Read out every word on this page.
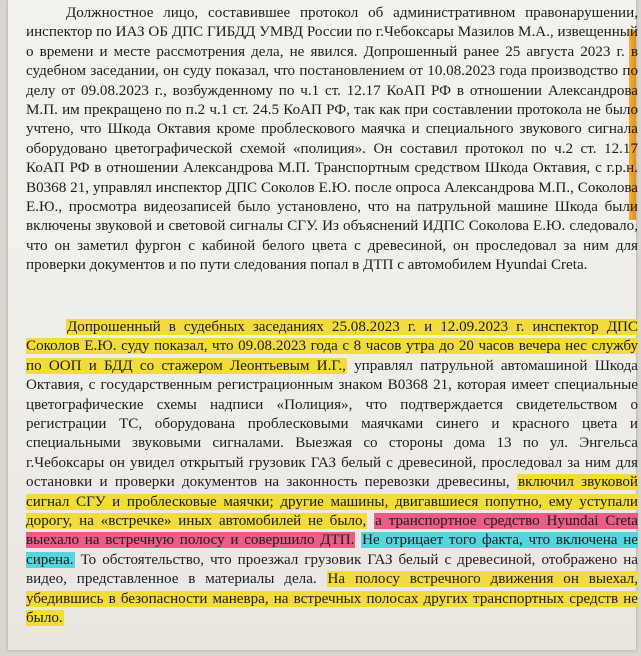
Должностное лицо, составившее протокол об административном правонарушении, инспектор по ИАЗ ОБ ДПС ГИБДД УМВД России по г.Чебоксары Мазилов М.А., извещенный о времени и месте рассмотрения дела, не явился. Допрошенный ранее 25 августа 2023 г. в судебном заседании, он суду показал, что постановлением от 10.08.2023 года производство по делу от 09.08.2023 г., возбужденному по ч.1 ст. 12.17 КоАП РФ в отношении Александрова М.П. им прекращено по п.2 ч.1 ст. 24.5 КоАП РФ, так как при составлении протокола не было учтено, что Шкода Октавия кроме проблескового маячка и специального звукового сигнала оборудовано цветографической схемой «полиция». Он составил протокол по ч.2 ст. 12.17 КоАП РФ в отношении Александрова М.П. Транспортным средством Шкода Октавия, с г.р.н. В0368 21, управлял инспектор ДПС Соколов Е.Ю. после опроса Александрова М.П., Соколова Е.Ю., просмотра видеозаписей было установлено, что на патрульной машине Шкода были включены звуковой и световой сигналы СГУ. Из объяснений ИДПС Соколова Е.Ю. следовало, что он заметил фургон с кабиной белого цвета с древесиной, он проследовал за ним для проверки документов и по пути следования попал в ДТП с автомобилем Hyundai Creta.
Допрошенный в судебных заседаниях 25.08.2023 г. и 12.09.2023 г. инспектор ДПС Соколов Е.Ю. суду показал, что 09.08.2023 года с 8 часов утра до 20 часов вечера нес службу по ООП и БДД со стажером Леонтьевым И.Г., управлял патрульной автомашиной Шкода Октавия, с государственным регистрационным знаком В0368 21, которая имеет специальные цветографические схемы надписи «Полиция», что подтверждается свидетельством о регистрации ТС, оборудована проблесковыми маячками синего и красного цвета и специальными звуковыми сигналами. Выезжая со стороны дома 13 по ул. Энгельса г.Чебоксары он увидел открытый грузовик ГАЗ белый с древесиной, проследовал за ним для остановки и проверки документов на законность перевозки древесины, включил звуковой сигнал СГУ и проблесковые маячки; другие машины, двигавшиеся попутно, ему уступали дорогу, на «встречке» иных автомобилей не было, а транспортное средство Hyundai Creta выехало на встречную полосу и совершило ДТП. Не отрицает того факта, что включена не сирена. То обстоятельство, что проезжал грузовик ГАЗ белый с древесиной, отображено на видео, представленное в материалы дела. На полосу встречного движения он выехал, убедившись в безопасности маневра, на встречных полосах других транспортных средств не было.
